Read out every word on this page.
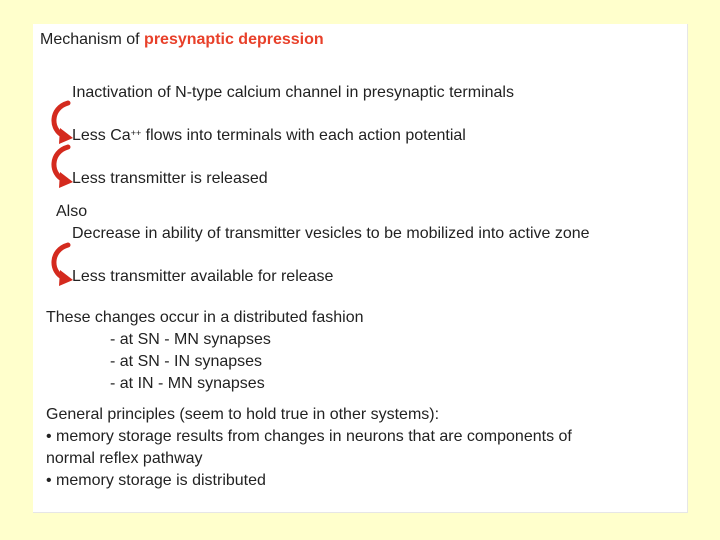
Mechanism of presynaptic depression
Inactivation of N-type calcium channel in presynaptic terminals
Less Ca++ flows into terminals with each action potential
Less transmitter is released
Also
Decrease in ability of transmitter vesicles to be mobilized into active zone
Less transmitter available for release
These changes occur in a distributed fashion
- at SN - MN synapses
- at SN - IN synapses
- at IN - MN synapses
General principles (seem to hold true in other systems):
• memory storage results from changes in neurons that are components of
normal reflex pathway
• memory storage is distributed
